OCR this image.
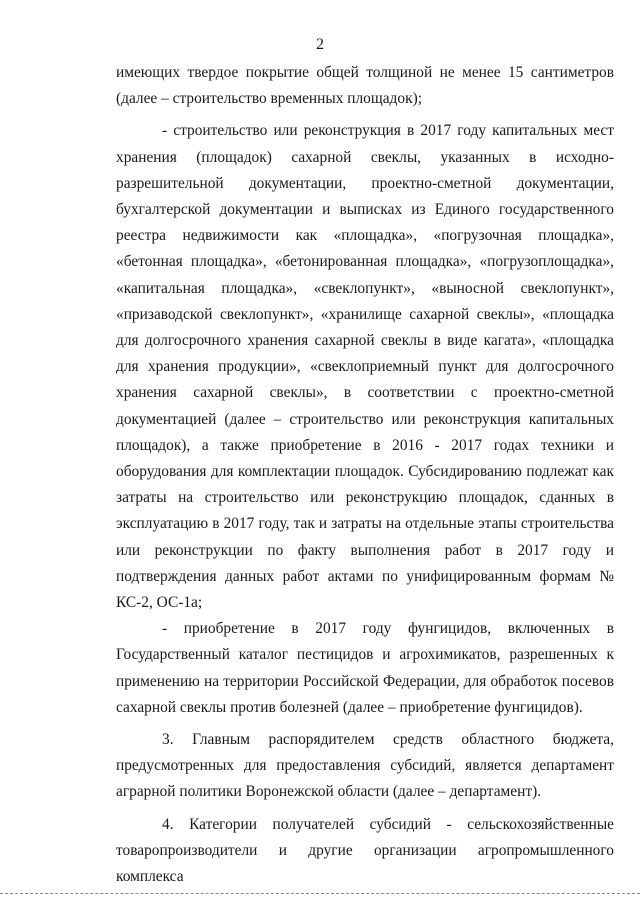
2

имеющих твердое покрытие общей толщиной не менее 15 сантиметров (далее – строительство временных площадок);

- строительство или реконструкция в 2017 году капитальных мест хранения (площадок) сахарной свеклы, указанных в исходно-разрешительной документации, проектно-сметной документации, бухгалтерской документации и выписках из Единого государственного реестра недвижимости как «площадка», «погрузочная площадка», «бетонная площадка», «бетонированная площадка», «погрузоплощадка», «капитальная площадка», «свеклопункт», «выносной свеклопункт», «призаводской свеклопункт», «хранилище сахарной свеклы», «площадка для долгосрочного хранения сахарной свеклы в виде кагата», «площадка для хранения продукции», «свеклоприемный пункт для долгосрочного хранения сахарной свеклы», в соответствии с проектно-сметной документацией (далее – строительство или реконструкция капитальных площадок), а также приобретение в 2016 - 2017 годах техники и оборудования для комплектации площадок. Субсидированию подлежат как затраты на строительство или реконструкцию площадок, сданных в эксплуатацию в 2017 году, так и затраты на отдельные этапы строительства или реконструкции по факту выполнения работ в 2017 году и подтверждения данных работ актами по унифицированным формам № КС-2, ОС-1а;

- приобретение в 2017 году фунгицидов, включенных в Государственный каталог пестицидов и агрохимикатов, разрешенных к применению на территории Российской Федерации, для обработок посевов сахарной свеклы против болезней (далее – приобретение фунгицидов).

3. Главным распорядителем средств областного бюджета, предусмотренных для предоставления субсидий, является департамент аграрной политики Воронежской области (далее – департамент).

4. Категории получателей субсидий - сельскохозяйственные товаропроизводители и другие организации агропромышленного комплекса
